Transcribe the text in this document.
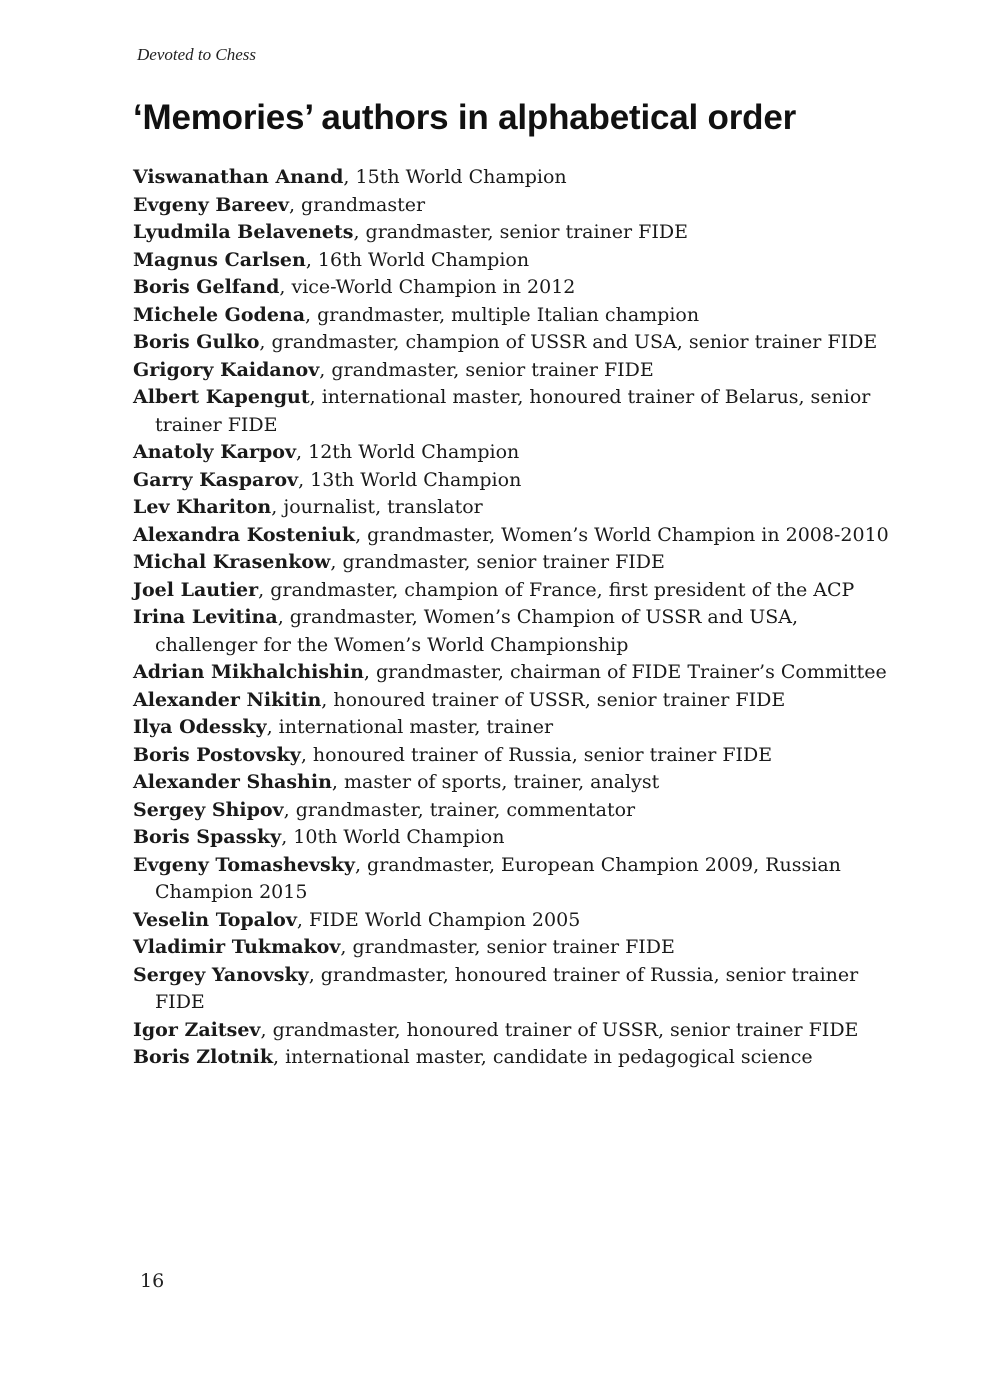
Devoted to Chess
‘Memories’ authors in alphabetical order
Viswanathan Anand, 15th World Champion
Evgeny Bareev, grandmaster
Lyudmila Belavenets, grandmaster, senior trainer FIDE
Magnus Carlsen, 16th World Champion
Boris Gelfand, vice-World Champion in 2012
Michele Godena, grandmaster, multiple Italian champion
Boris Gulko, grandmaster, champion of USSR and USA, senior trainer FIDE
Grigory Kaidanov, grandmaster, senior trainer FIDE
Albert Kapengut, international master, honoured trainer of Belarus, senior trainer FIDE
Anatoly Karpov, 12th World Champion
Garry Kasparov, 13th World Champion
Lev Khariton, journalist, translator
Alexandra Kosteniuk, grandmaster, Women’s World Champion in 2008-2010
Michal Krasenkow, grandmaster, senior trainer FIDE
Joel Lautier, grandmaster, champion of France, first president of the ACP
Irina Levitina, grandmaster, Women’s Champion of USSR and USA, challenger for the Women’s World Championship
Adrian Mikhalchishin, grandmaster, chairman of FIDE Trainer’s Committee
Alexander Nikitin, honoured trainer of USSR, senior trainer FIDE
Ilya Odessky, international master, trainer
Boris Postovsky, honoured trainer of Russia, senior trainer FIDE
Alexander Shashin, master of sports, trainer, analyst
Sergey Shipov, grandmaster, trainer, commentator
Boris Spassky, 10th World Champion
Evgeny Tomashevsky, grandmaster, European Champion 2009, Russian Champion 2015
Veselin Topalov, FIDE World Champion 2005
Vladimir Tukmakov, grandmaster, senior trainer FIDE
Sergey Yanovsky, grandmaster, honoured trainer of Russia, senior trainer FIDE
Igor Zaitsev, grandmaster, honoured trainer of USSR, senior trainer FIDE
Boris Zlotnik, international master, candidate in pedagogical science
16
